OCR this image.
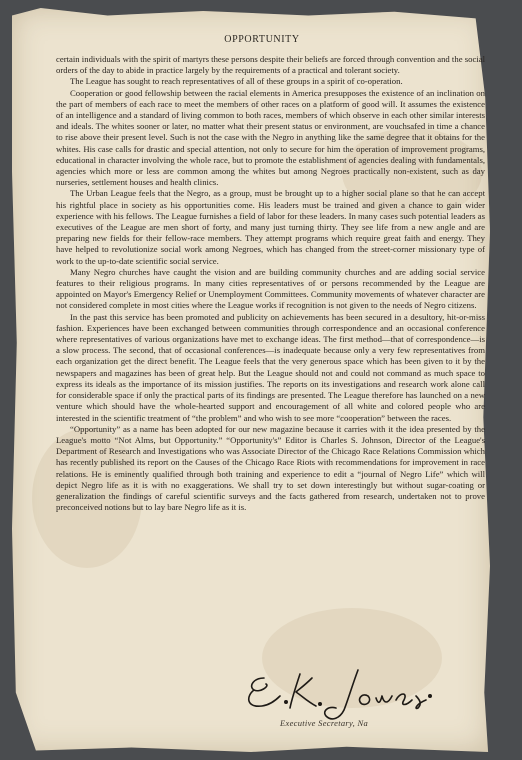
OPPORTUNITY

certain individuals with the spirit of martyrs these persons despite their beliefs are forced through convention and the social orders of the day to abide in practice largely by the requirements of a practical and tolerant society.

The League has sought to reach representatives of all of these groups in a spirit of co-operation.

Cooperation or good fellowship between the racial elements in America presupposes the existence of an inclination on the part of members of each race to meet the members of other races on a platform of good will. It assumes the existence of an intelligence and a standard of living common to both races, members of which observe in each other similar interests and ideals. The whites sooner or later, no matter what their present status or environment, are vouchsafed in time a chance to rise above their present level. Such is not the case with the Negro in anything like the same degree that it obtains for the whites. His case calls for drastic and special attention, not only to secure for him the operation of improvement programs, educational in character involving the whole race, but to promote the establishment of agencies dealing with fundamentals, agencies which more or less are common among the whites but among Negroes practically non-existent, such as day nurseries, settlement houses and health clinics.

The Urban League feels that the Negro, as a group, must be brought up to a higher social plane so that he can accept his rightful place in society as his opportunities come. His leaders must be trained and given a chance to gain wider experience with his fellows. The League furnishes a field of labor for these leaders. In many cases such potential leaders as executives of the League are men short of forty, and many just turning thirty. They see life from a new angle and are preparing new fields for their fellow-race members. They attempt programs which require great faith and energy. They have helped to revolutionize social work among Negroes, which has changed from the street-corner missionary type of work to the up-to-date scientific social service.

Many Negro churches have caught the vision and are building community churches and are adding social service features to their religious programs. In many cities representatives of or persons recommended by the League are appointed on Mayor's Emergency Relief or Unemployment Committees. Community movements of whatever character are not considered complete in most cities where the League works if recognition is not given to the needs of Negro citizens.

In the past this service has been promoted and publicity on achievements has been secured in a desultory, hit-or-miss fashion. Experiences have been exchanged between communities through correspondence and an occasional conference where representatives of various organizations have met to exchange ideas. The first method—that of correspondence—is a slow process. The second, that of occasional conferences—is inadequate because only a very few representatives from each organization get the direct benefit. The League feels that the very generous space which has been given to it by the newspapers and magazines has been of great help. But the League should not and could not command as much space to express its ideals as the importance of its mission justifies. The reports on its investigations and research work alone call for considerable space if only the practical parts of its findings are presented. The League therefore has launched on a new venture which should have the whole-hearted support and encouragement of all white and colored people who are interested in the scientific treatment of “the problem” and who wish to see more “cooperation” between the races.

“Opportunity” as a name has been adopted for our new magazine because it carries with it the idea presented by the League's motto “Not Alms, but Opportunity.” “Opportunity's” Editor is Charles S. Johnson, Director of the League's Department of Research and Investigations who was Associate Director of the Chicago Race Relations Commission which has recently published its report on the Causes of the Chicago Race Riots with recommendations for improvement in race relations. He is eminently qualified through both training and experience to edit a “journal of Negro Life” which will depict Negro life as it is with no exaggerations. We shall try to set down interestingly but without sugar-coating or generalization the findings of careful scientific surveys and the facts gathered from research, undertaken not to prove preconceived notions but to lay bare Negro life as it is.

Executive Secretary, Na
